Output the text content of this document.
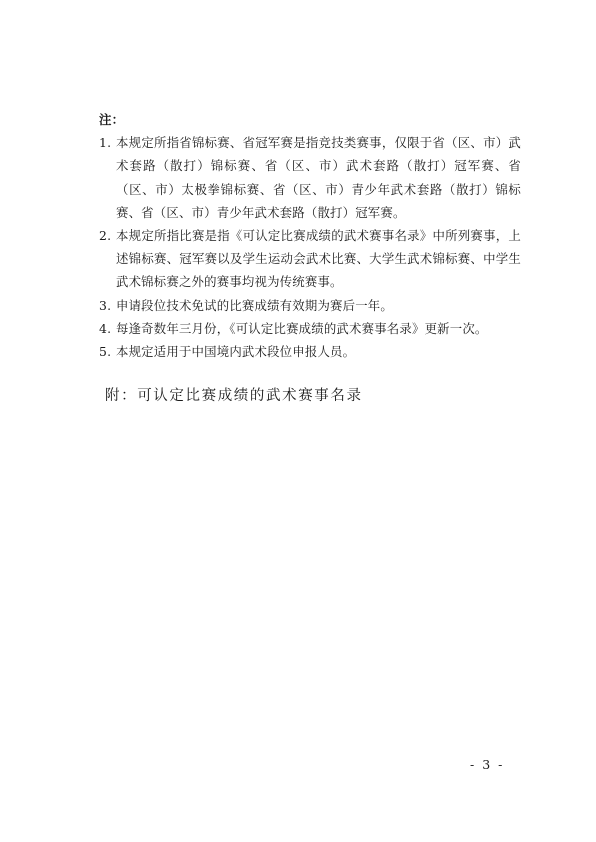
注：
1. 本规定所指省锦标赛、省冠军赛是指竞技类赛事，仅限于省（区、市）武术套路（散打）锦标赛、省（区、市）武术套路（散打）冠军赛、省（区、市）太极拳锦标赛、省（区、市）青少年武术套路（散打）锦标赛、省（区、市）青少年武术套路（散打）冠军赛。
2. 本规定所指比赛是指《可认定比赛成绩的武术赛事名录》中所列赛事，上述锦标赛、冠军赛以及学生运动会武术比赛、大学生武术锦标赛、中学生武术锦标赛之外的赛事均视为传统赛事。
3. 申请段位技术免试的比赛成绩有效期为赛后一年。
4. 每逢奇数年三月份，《可认定比赛成绩的武术赛事名录》更新一次。
5. 本规定适用于中国境内武术段位申报人员。
附：可认定比赛成绩的武术赛事名录
- 3 -
